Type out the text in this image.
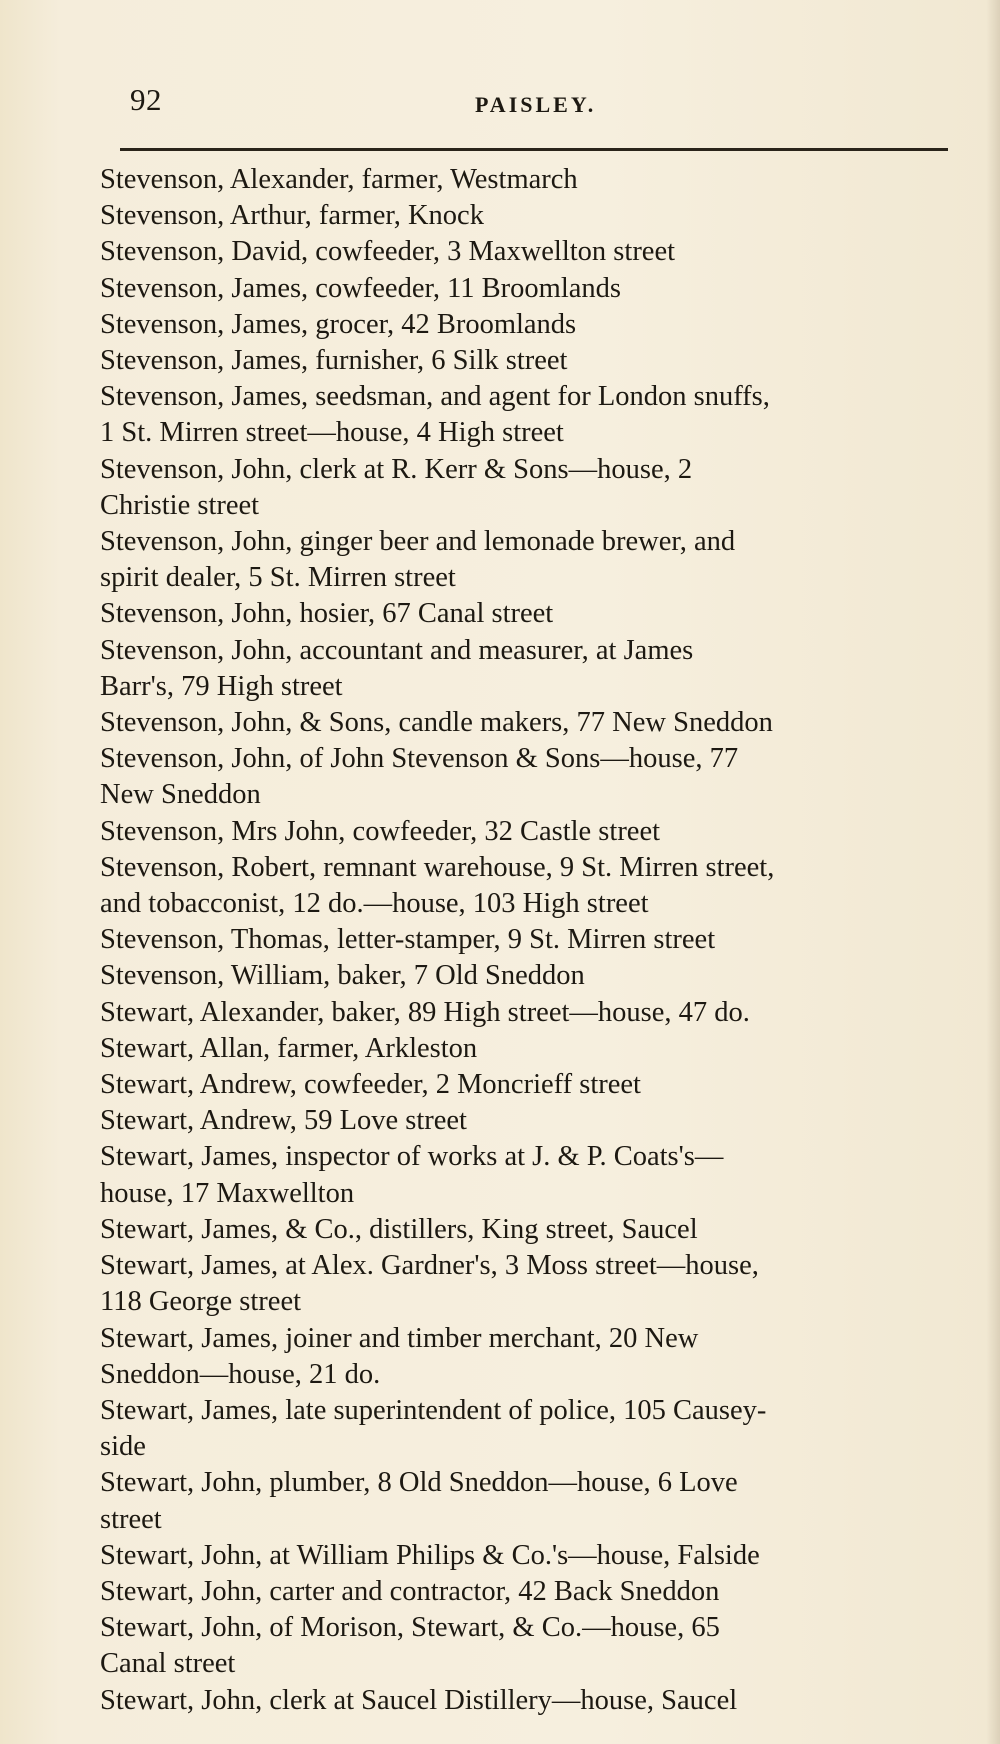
92	PAISLEY.

Stevenson, Alexander, farmer, Westmarch

Stevenson, Arthur, farmer, Knock

Stevenson, David, cowfeeder, 3 Maxwellton street

Stevenson, James, cowfeeder, 11 Broomlands

Stevenson, James, grocer, 42 Broomlands

Stevenson, James, furnisher, 6 Silk street

Stevenson, James, seedsman, and agent for London snuffs,
1 St. Mirren street—house, 4 High street

Stevenson, John, clerk at R. Kerr & Sons—house, 2
Christie street

Stevenson, John, ginger beer and lemonade brewer, and
spirit dealer, 5 St. Mirren street

Stevenson, John, hosier, 67 Canal street

Stevenson, John, accountant and measurer, at James
Barr's, 79 High street

Stevenson, John, & Sons, candle makers, 77 New Sneddon

Stevenson, John, of John Stevenson & Sons—house, 77
New Sneddon

Stevenson, Mrs John, cowfeeder, 32 Castle street

Stevenson, Robert, remnant warehouse, 9 St. Mirren street,
and tobacconist, 12 do.—house, 103 High street

Stevenson, Thomas, letter-stamper, 9 St. Mirren street

Stevenson, William, baker, 7 Old Sneddon

Stewart, Alexander, baker, 89 High street—house, 47 do.

Stewart, Allan, farmer, Arkleston

Stewart, Andrew, cowfeeder, 2 Moncrieff street

Stewart, Andrew, 59 Love street

Stewart, James, inspector of works at J. & P. Coats's—
house, 17 Maxwellton

Stewart, James, & Co., distillers, King street, Saucel

Stewart, James, at Alex. Gardner's, 3 Moss street—house,
118 George street

Stewart, James, joiner and timber merchant, 20 New
Sneddon—house, 21 do.

Stewart, James, late superintendent of police, 105 Causey-
side

Stewart, John, plumber, 8 Old Sneddon—house, 6 Love
street

Stewart, John, at William Philips & Co.'s—house, Falside

Stewart, John, carter and contractor, 42 Back Sneddon

Stewart, John, of Morison, Stewart, & Co.—house, 65
Canal street

Stewart, John, clerk at Saucel Distillery—house, Saucel
